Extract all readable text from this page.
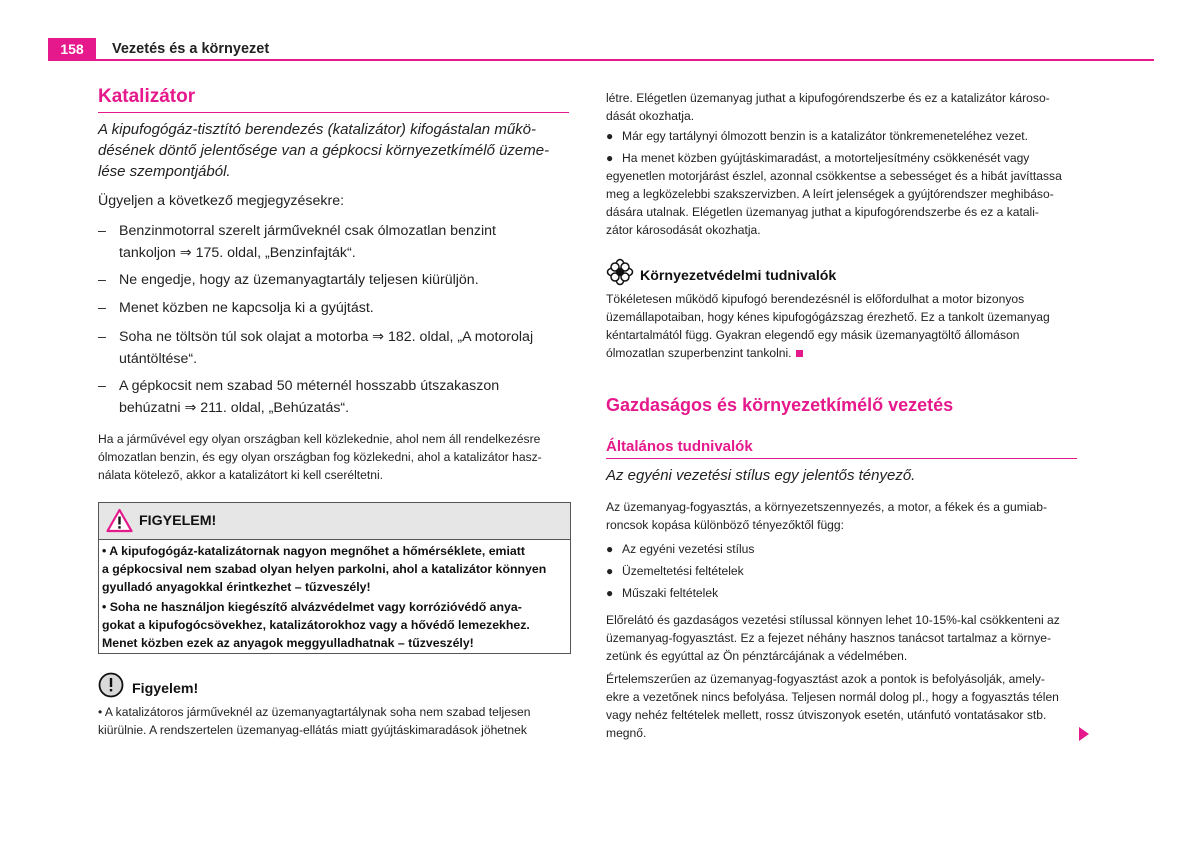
158	Vezetés és a környezet
Katalizátor
A kipufogógáz-tisztító berendezés (katalizátor) kifogástalan műkö-
désének döntő jelentősége van a gépkocsi környezetkímélő üzeme-
lése szempontjából.
Ügyeljen a következő megjegyzésekre:
– Benzinmotorral szerelt járműveknél csak ólmozatlan benzint
tankoljon ⇒ 175. oldal, „Benzinfajták“.
– Ne engedje, hogy az üzemanyagtartály teljesen kiürüljön.
– Menet közben ne kapcsolja ki a gyújtást.
– Soha ne töltsön túl sok olajat a motorba ⇒ 182. oldal, „A motorolaj
utántöltése“.
– A gépkocsit nem szabad 50 méternél hosszabb útszakaszon
behúzatni ⇒ 211. oldal, „Behúzatás“.
Ha a járművével egy olyan országban kell közlekednie, ahol nem áll rendelkezésre
ólmozatlan benzin, és egy olyan országban fog közlekedni, ahol a katalizátor hasz-
nálata kötelező, akkor a katalizátort ki kell cseréltetni.
FIGYELEM!
• A kipufogógáz-katalizátornak nagyon megnőhet a hőmérséklete, emiatt
a gépkocsival nem szabad olyan helyen parkolni, ahol a katalizátor könnyen
gyulladó anyagokkal érintkezhet – tűzveszély!
• Soha ne használjon kiegészítő alvázvédelmet vagy korrózióvédő anya-
gokat a kipufogócsövekhez, katalizátorokhoz vagy a hővédő lemezekhez.
Menet közben ezek az anyagok meggyulladhatnak – tűzveszély!
Figyelem!
• A katalizátoros járműveknél az üzemanyagtartálynak soha nem szabad teljesen
kiürülnie. A rendszertelen üzemanyag-ellátás miatt gyújtáskimaradások jöhetnek
létre. Elégetlen üzemanyag juthat a kipufogórendszerbe és ez a katalizátor károso-
dását okozhatja.
● Már egy tartálynyi ólmozott benzin is a katalizátor tönkremeneteléhez vezet.
● Ha menet közben gyújtáskimaradást, a motorteljesítmény csökkenését vagy
egyenetlen motorjárást észlel, azonnal csökkentse a sebességet és a hibát javíttassa
meg a legközelebbi szakszervizben. A leírt jelenségek a gyújtórendszer meghibáso-
dására utalnak. Elégetlen üzemanyag juthat a kipufogórendszerbe és ez a katali-
zátor károsodását okozhatja.
Környezetvédelmi tudnivalók
Tökéletesen működő kipufogó berendezésnél is előfordulhat a motor bizonyos
üzemállapotaiban, hogy kénes kipufogógázszag érezhető. Ez a tankolt üzemanyag
kéntartalmától függ. Gyakran elegendő egy másik üzemanyagtöltő állomáson
ólmozatlan szuperbenzint tankolni.
Gazdaságos és környezetkímélő vezetés
Általános tudnivalók
Az egyéni vezetési stílus egy jelentős tényező.
Az üzemanyag-fogyasztás, a környezetszennyezés, a motor, a fékek és a gumiab-
roncsok kopása különböző tényezőktől függ:
● Az egyéni vezetési stílus
● Üzemeltetési feltételek
● Műszaki feltételek
Előrelátó és gazdaságos vezetési stílussal könnyen lehet 10-15%-kal csökkenteni az
üzemanyag-fogyasztást. Ez a fejezet néhány hasznos tanácsot tartalmaz a környe-
zetünk és egyúttal az Ön pénztárcájának a védelmében.
Értelemszerűen az üzemanyag-fogyasztást azok a pontok is befolyásolják, amely-
ekre a vezetőnek nincs befolyása. Teljesen normál dolog pl., hogy a fogyasztás télen
vagy nehéz feltételek mellett, rossz útviszonyok esetén, utánfutó vontatásakor stb.
megnő.
